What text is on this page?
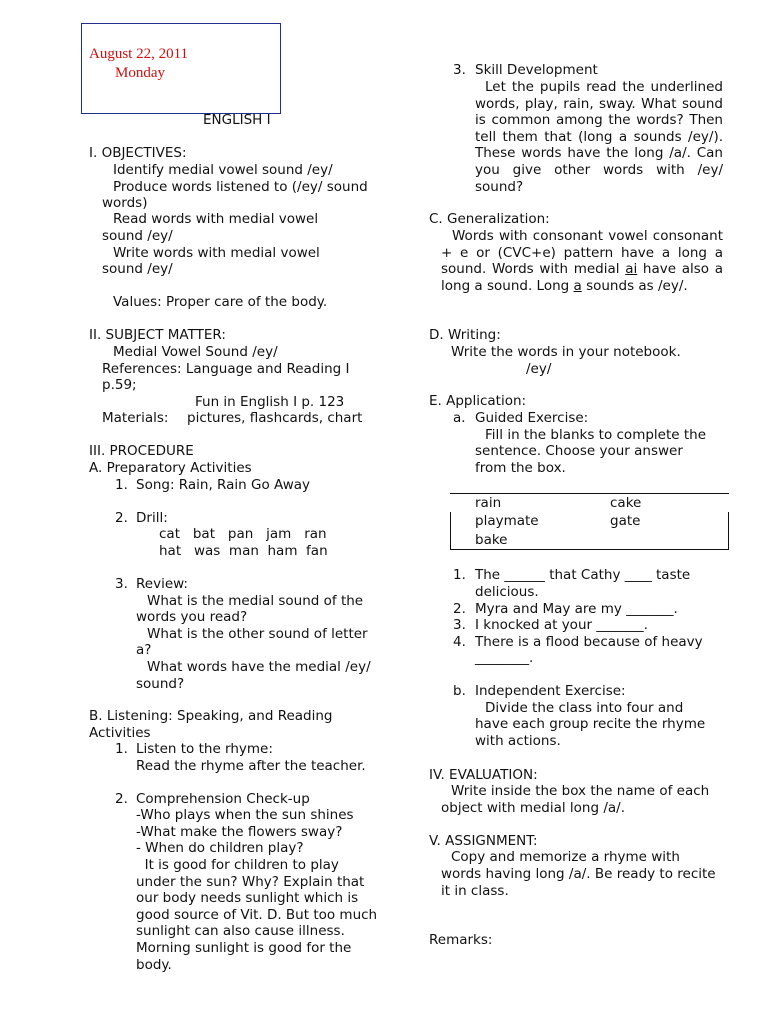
August 22, 2011
Monday
ENGLISH I
I. OBJECTIVES:
Identify medial vowel sound /ey/
Produce words listened to (/ey/ sound
words)
Read words with medial vowel
sound /ey/
Write words with medial vowel
sound /ey/
Values: Proper care of the body.
II. SUBJECT MATTER:
Medial Vowel Sound /ey/
References: Language and Reading I
p.59;
Fun in English I p. 123
Materials: pictures, flashcards, chart
III. PROCEDURE
A. Preparatory Activities
1. Song: Rain, Rain Go Away
2. Drill:
cat   bat   pan   jam   ran
hat   was  man  ham  fan
3. Review:
What is the medial sound of the
words you read?
What is the other sound of letter
a?
What words have the medial /ey/
sound?
B. Listening: Speaking, and Reading
Activities
1. Listen to the rhyme:
Read the rhyme after the teacher.
2. Comprehension Check-up
-Who plays when the sun shines
-What make the flowers sway?
- When do children play?
It is good for children to play
under the sun? Why? Explain that
our body needs sunlight which is
good source of Vit. D. But too much
sunlight can also cause illness.
Morning sunlight is good for the
body.
3. Skill Development
Let the pupils read the underlined words, play, rain, sway. What sound is common among the words? Then tell them that (long a sounds /ey/). These words have the long /a/. Can you give other words with /ey/ sound?
C. Generalization:
Words with consonant vowel consonant + e or (CVC+e) pattern have a long a sound. Words with medial ai have also a long a sound. Long a sounds as /ey/.
D. Writing:
Write the words in your notebook.
/ey/
E. Application:
a. Guided Exercise:
Fill in the blanks to complete the
sentence. Choose your answer
from the box.
rain	cake
playmate	gate
bake
1. The ______ that Cathy ____ taste
delicious.
2. Myra and May are my _______.
3. I knocked at your _______.
4. There is a flood because of heavy
________.
b. Independent Exercise:
Divide the class into four and
have each group recite the rhyme
with actions.
IV. EVALUATION:
Write inside the box the name of each
object with medial long /a/.
V. ASSIGNMENT:
Copy and memorize a rhyme with
words having long /a/. Be ready to recite
it in class.
Remarks:
